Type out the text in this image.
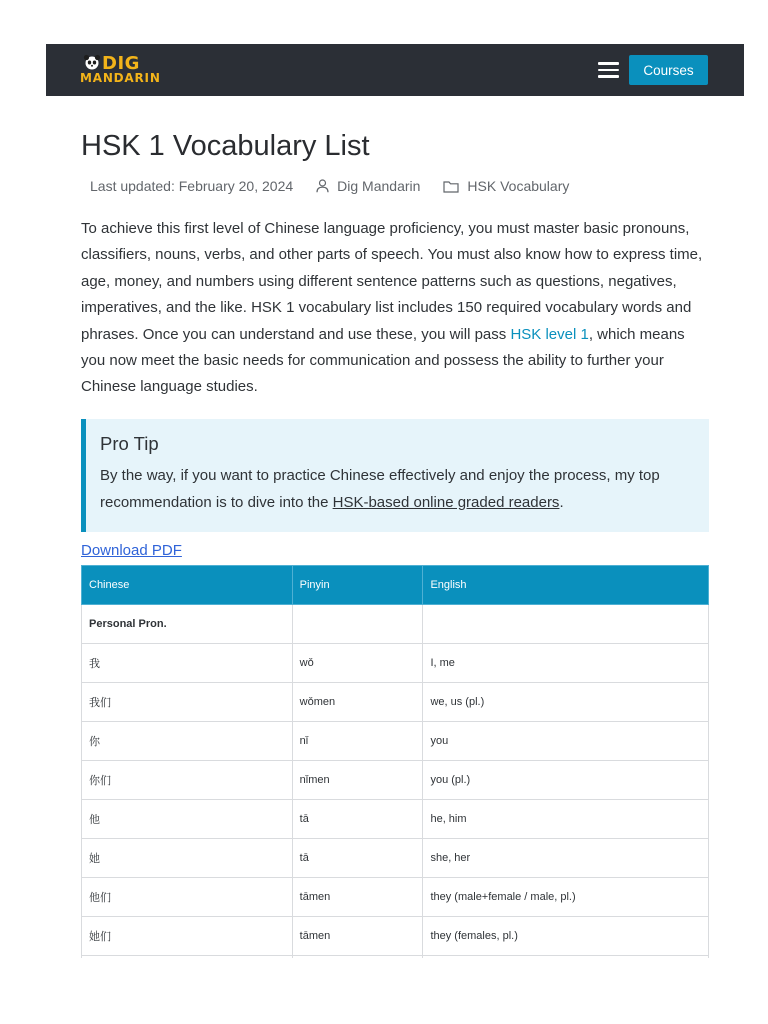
DIG
MANDARIN
Courses
HSK 1 Vocabulary List
Last updated: February 20, 2024	Dig Mandarin	HSK Vocabulary

To achieve this first level of Chinese language proficiency, you must master basic pronouns, classifiers, nouns, verbs, and other parts of speech. You must also know how to express time, age, money, and numbers using different sentence patterns such as questions, negatives, imperatives, and the like. HSK 1 vocabulary list includes 150 required vocabulary words and phrases. Once you can understand and use these, you will pass HSK level 1, which means you now meet the basic needs for communication and possess the ability to further your Chinese language studies.

Pro Tip
By the way, if you want to practice Chinese effectively and enjoy the process, my top recommendation is to dive into the HSK-based online graded readers.
Download PDF
Chinese	Pinyin	English
Personal Pron.		
我	wǒ	I, me
我们	wǒmen	we, us (pl.)
你	nǐ	you
你们	nǐmen	you (pl.)
他	tā	he, him
她	tā	she, her
他们	tāmen	they (male+female / male, pl.)
她们	tāmen	they (females, pl.)
